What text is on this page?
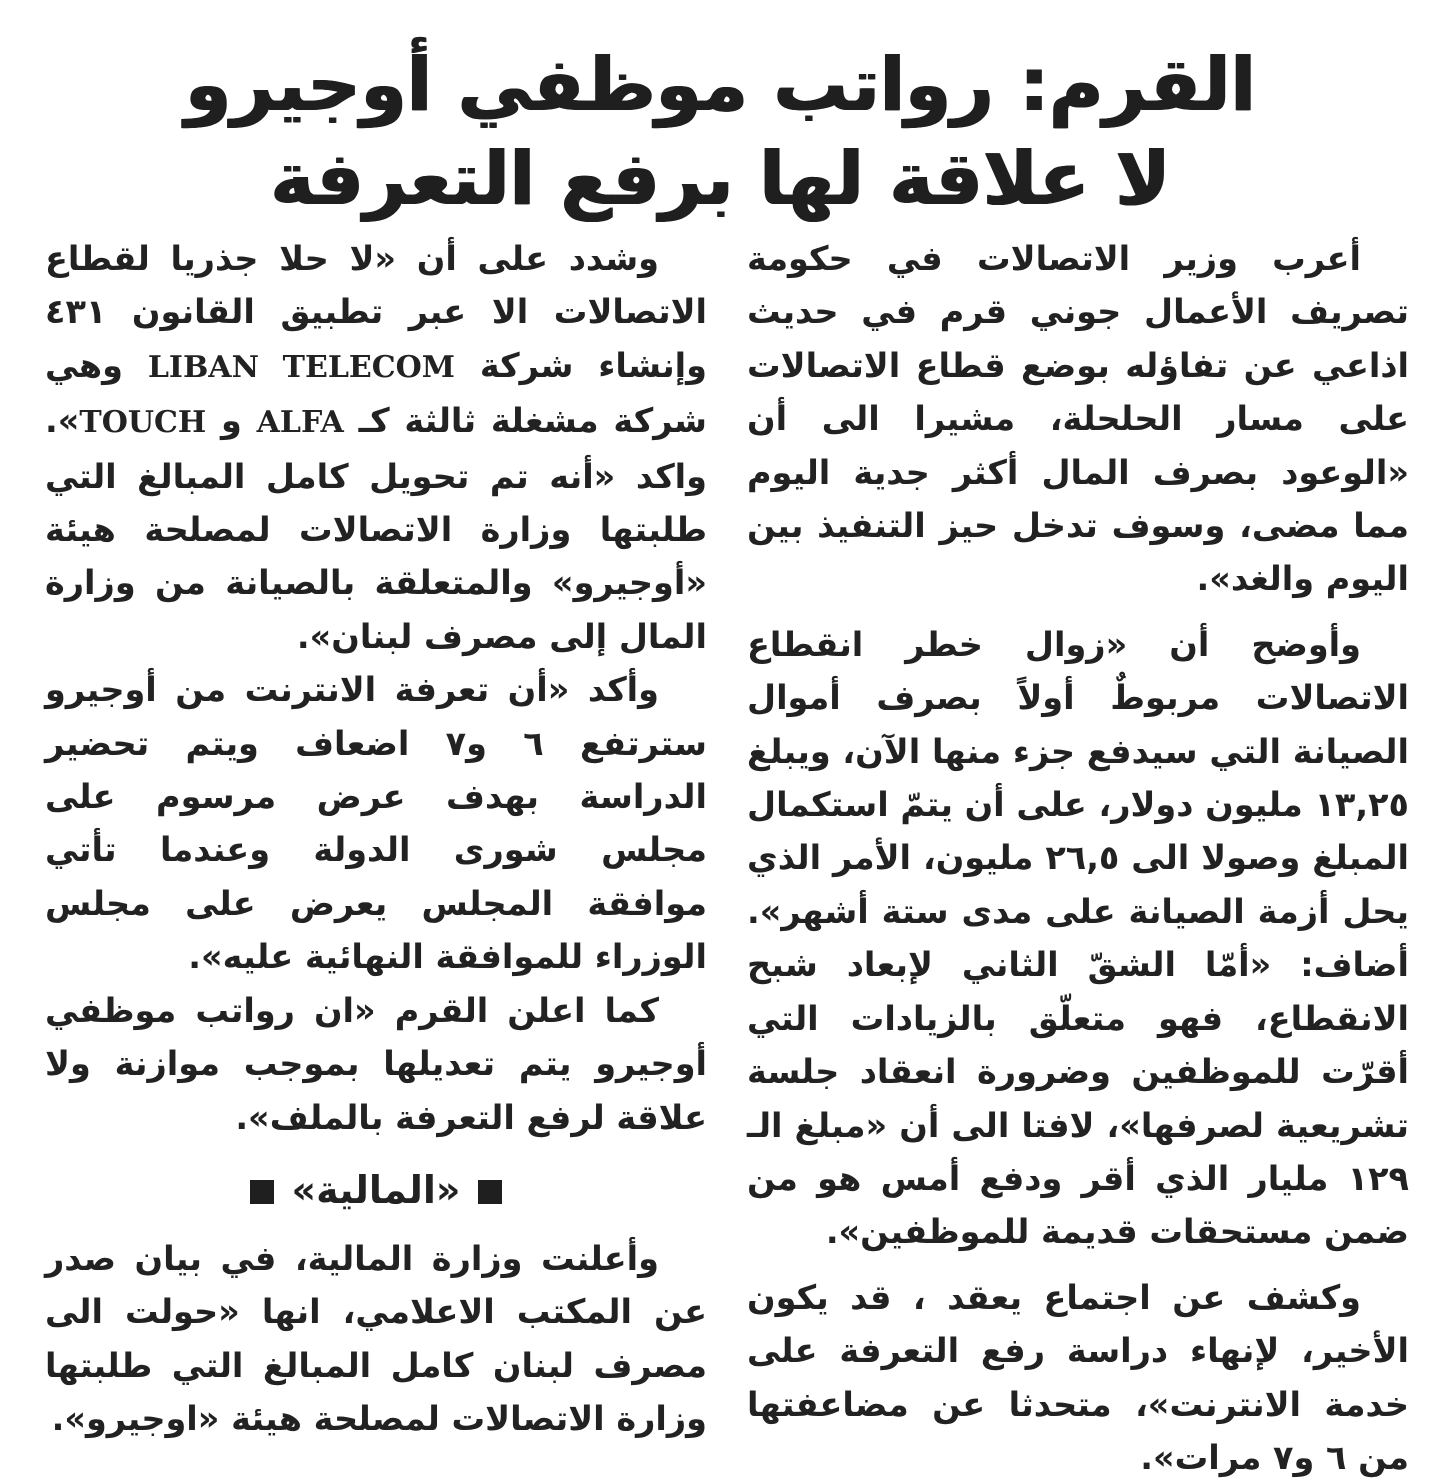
القرم: رواتب موظفي أوجيرو
لا علاقة لها برفع التعرفة

أعرب وزير الاتصالات في حكومة تصريف الأعمال جوني قرم في حديث اذاعي عن تفاؤله بوضع قطاع الاتصالات على مسار الحلحلة، مشيرا الى أن «الوعود بصرف المال أكثر جدية اليوم مما مضى، وسوف تدخل حيز التنفيذ بين اليوم والغد».

وأوضح أن «زوال خطر انقطاع الاتصالات مربوطٌ أولاً بصرف أموال الصيانة التي سيدفع جزء منها الآن، ويبلغ ١٣,٢٥ مليون دولار، على أن يتمّ استكمال المبلغ وصولا الى ٢٦,٥ مليون، الأمر الذي يحل أزمة الصيانة على مدى ستة أشهر». أضاف: «أمّا الشقّ الثاني لإبعاد شبح الانقطاع، فهو متعلّق بالزيادات التي أقرّت للموظفين وضرورة انعقاد جلسة تشريعية لصرفها»، لافتا الى أن «مبلغ الـ ١٢٩ مليار الذي أقر ودفع أمس هو من ضمن مستحقات قديمة للموظفين».

وكشف عن اجتماع يعقد ، قد يكون الأخير، لإنهاء دراسة رفع التعرفة على خدمة الانترنت»، متحدثا عن مضاعفتها من ٦ و٧ مرات».

وشدد على أن «لا حلا جذريا لقطاع الاتصالات الا عبر تطبيق القانون ٤٣١ وإنشاء شركة LIBAN TELECOM وهي شركة مشغلة ثالثة كـ ALFA و TOUCH». واكد «أنه تم تحويل كامل المبالغ التي طلبتها وزارة الاتصالات لمصلحة هيئة «أوجيرو» والمتعلقة بالصيانة من وزارة المال إلى مصرف لبنان».

وأكد «أن تعرفة الانترنت من أوجيرو سترتفع ٦ و٧ اضعاف ويتم تحضير الدراسة بهدف عرض مرسوم على مجلس شورى الدولة وعندما تأتي موافقة المجلس يعرض على مجلس الوزراء للموافقة النهائية عليه».

كما اعلن القرم «ان رواتب موظفي أوجيرو يتم تعديلها بموجب موازنة ولا علاقة لرفع التعرفة بالملف».

«المالية»

وأعلنت وزارة المالية، في بيان صدر عن المكتب الاعلامي، انها «حولت الى مصرف لبنان كامل المبالغ التي طلبتها وزارة الاتصالات لمصلحة هيئة «اوجيرو».
